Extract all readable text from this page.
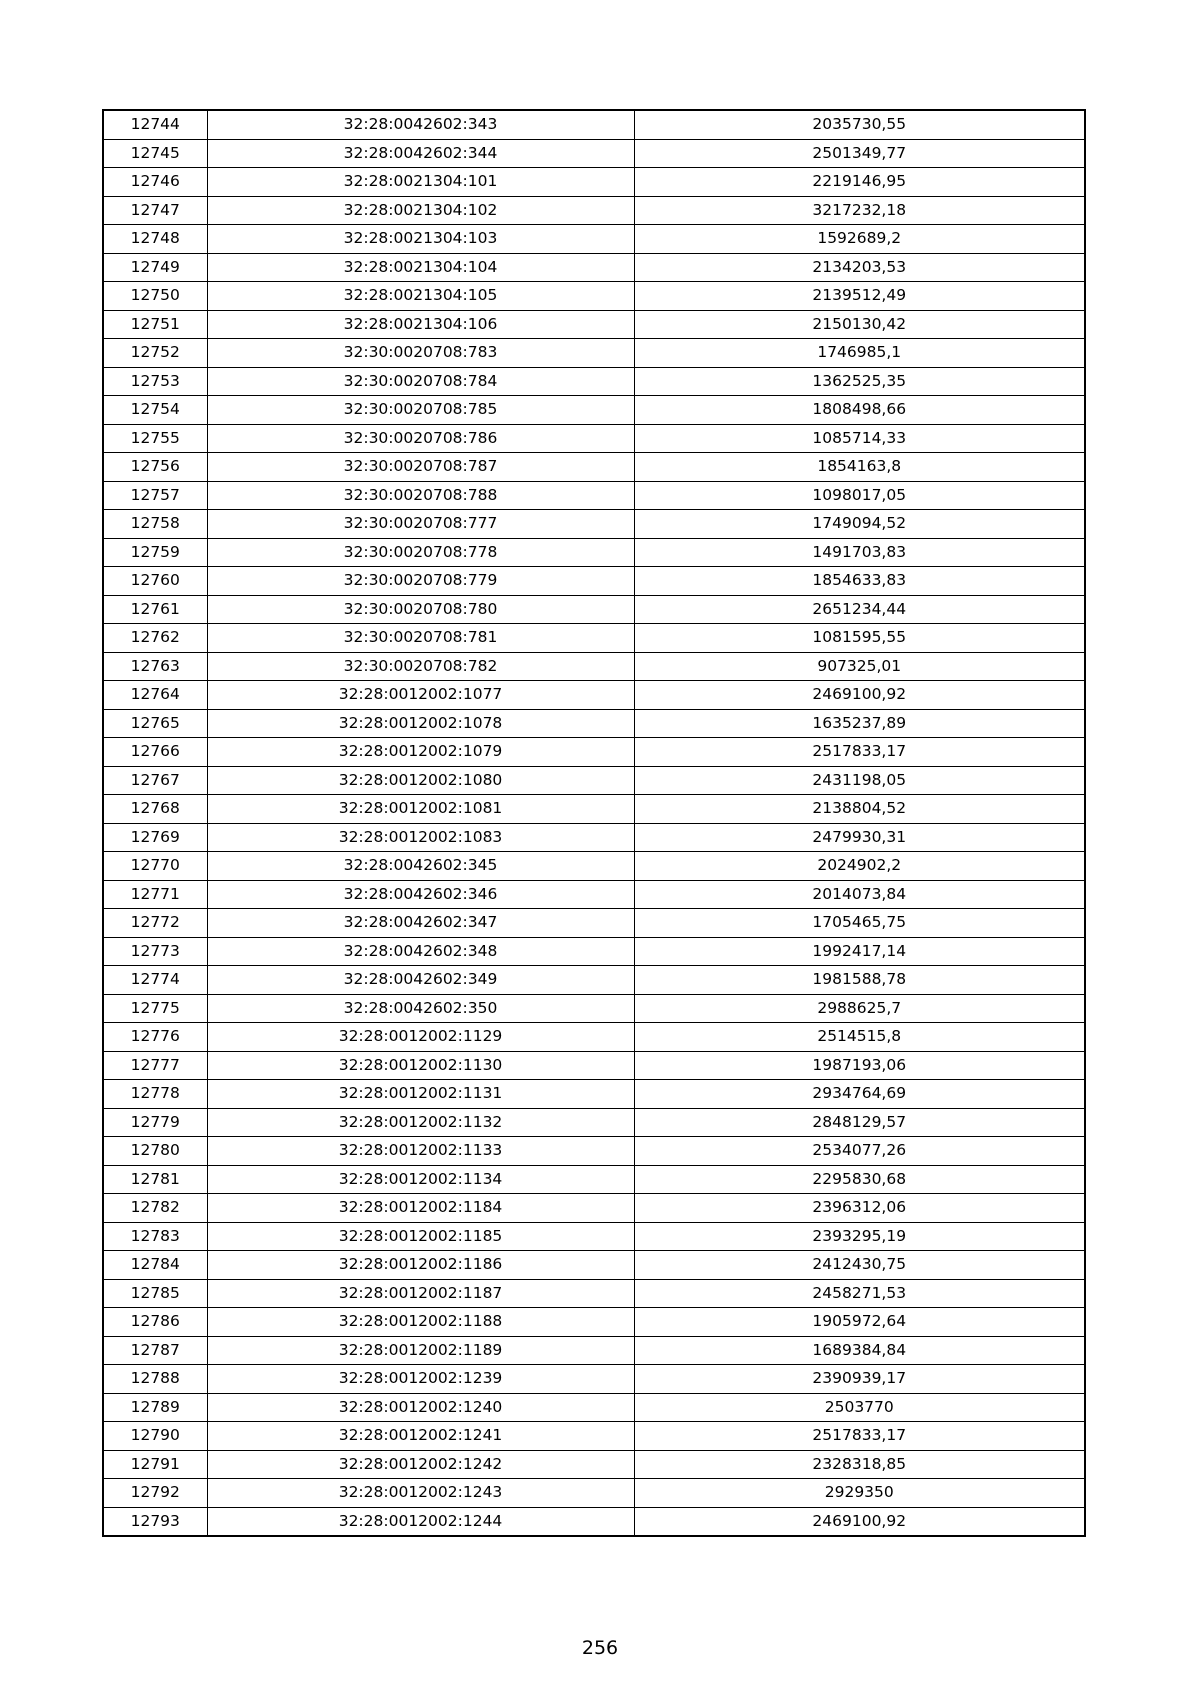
12744	32:28:0042602:343	2035730,55
12745	32:28:0042602:344	2501349,77
12746	32:28:0021304:101	2219146,95
12747	32:28:0021304:102	3217232,18
12748	32:28:0021304:103	1592689,2
12749	32:28:0021304:104	2134203,53
12750	32:28:0021304:105	2139512,49
12751	32:28:0021304:106	2150130,42
12752	32:30:0020708:783	1746985,1
12753	32:30:0020708:784	1362525,35
12754	32:30:0020708:785	1808498,66
12755	32:30:0020708:786	1085714,33
12756	32:30:0020708:787	1854163,8
12757	32:30:0020708:788	1098017,05
12758	32:30:0020708:777	1749094,52
12759	32:30:0020708:778	1491703,83
12760	32:30:0020708:779	1854633,83
12761	32:30:0020708:780	2651234,44
12762	32:30:0020708:781	1081595,55
12763	32:30:0020708:782	907325,01
12764	32:28:0012002:1077	2469100,92
12765	32:28:0012002:1078	1635237,89
12766	32:28:0012002:1079	2517833,17
12767	32:28:0012002:1080	2431198,05
12768	32:28:0012002:1081	2138804,52
12769	32:28:0012002:1083	2479930,31
12770	32:28:0042602:345	2024902,2
12771	32:28:0042602:346	2014073,84
12772	32:28:0042602:347	1705465,75
12773	32:28:0042602:348	1992417,14
12774	32:28:0042602:349	1981588,78
12775	32:28:0042602:350	2988625,7
12776	32:28:0012002:1129	2514515,8
12777	32:28:0012002:1130	1987193,06
12778	32:28:0012002:1131	2934764,69
12779	32:28:0012002:1132	2848129,57
12780	32:28:0012002:1133	2534077,26
12781	32:28:0012002:1134	2295830,68
12782	32:28:0012002:1184	2396312,06
12783	32:28:0012002:1185	2393295,19
12784	32:28:0012002:1186	2412430,75
12785	32:28:0012002:1187	2458271,53
12786	32:28:0012002:1188	1905972,64
12787	32:28:0012002:1189	1689384,84
12788	32:28:0012002:1239	2390939,17
12789	32:28:0012002:1240	2503770
12790	32:28:0012002:1241	2517833,17
12791	32:28:0012002:1242	2328318,85
12792	32:28:0012002:1243	2929350
12793	32:28:0012002:1244	2469100,92
256
